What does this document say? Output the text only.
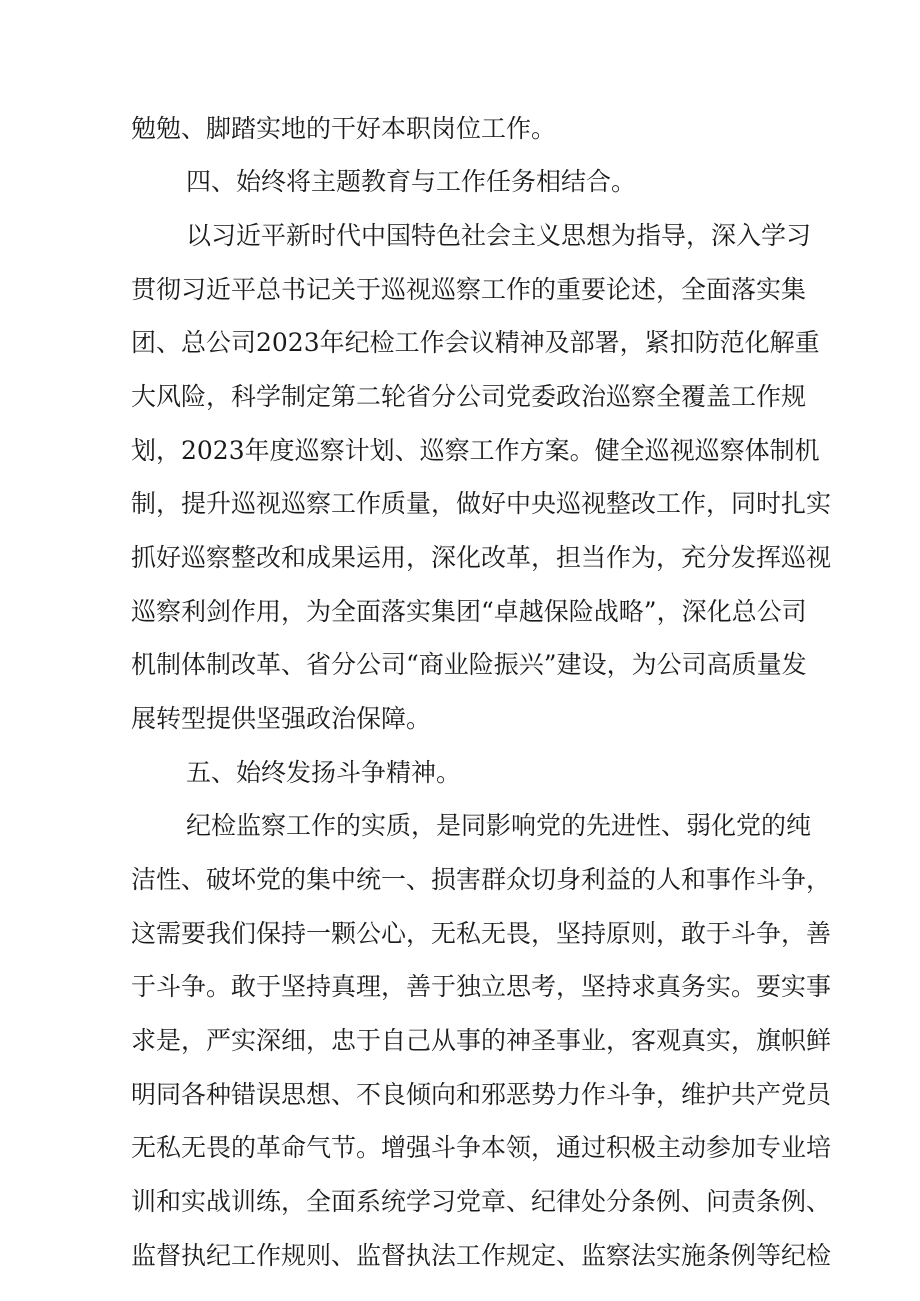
勉勉、脚踏实地的干好本职岗位工作。
四、始终将主题教育与工作任务相结合。
以习近平新时代中国特色社会主义思想为指导，深入学习
贯彻习近平总书记关于巡视巡察工作的重要论述，全面落实集
团、总公司2023年纪检工作会议精神及部署，紧扣防范化解重
大风险，科学制定第二轮省分公司党委政治巡察全覆盖工作规
划，2023年度巡察计划、巡察工作方案。健全巡视巡察体制机
制，提升巡视巡察工作质量，做好中央巡视整改工作，同时扎实
抓好巡察整改和成果运用，深化改革，担当作为，充分发挥巡视
巡察利剑作用，为全面落实集团“卓越保险战略”，深化总公司
机制体制改革、省分公司“商业险振兴”建设，为公司高质量发
展转型提供坚强政治保障。
五、始终发扬斗争精神。
纪检监察工作的实质，是同影响党的先进性、弱化党的纯
洁性、破坏党的集中统一、损害群众切身利益的人和事作斗争，
这需要我们保持一颗公心，无私无畏，坚持原则，敢于斗争，善
于斗争。敢于坚持真理，善于独立思考，坚持求真务实。要实事
求是，严实深细，忠于自己从事的神圣事业，客观真实，旗帜鲜
明同各种错误思想、不良倾向和邪恶势力作斗争，维护共产党员
无私无畏的革命气节。增强斗争本领，通过积极主动参加专业培
训和实战训练，全面系统学习党章、纪律处分条例、问责条例、
监督执纪工作规则、监督执法工作规定、监察法实施条例等纪检
